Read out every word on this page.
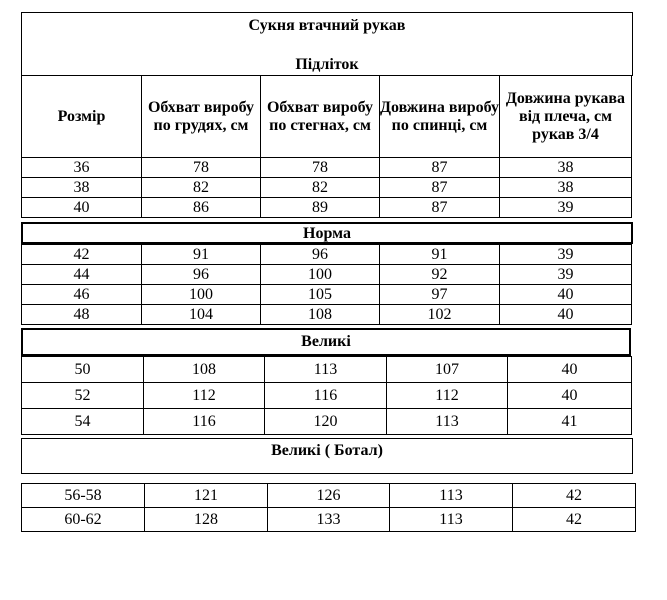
Сукня втачний рукав
Підліток
Розмір	Обхват виробу по грудях, см	Обхват виробу по стегнах, см	Довжина виробу по спинці, см	Довжина рукава від плеча, см рукав 3/4
36	78	78	87	38
38	82	82	87	38
40	86	89	87	39
Норма
42	91	96	91	39
44	96	100	92	39
46	100	105	97	40
48	104	108	102	40
Великі
50	108	113	107	40
52	112	116	112	40
54	116	120	113	41
Великі ( Ботал)
56-58	121	126	113	42
60-62	128	133	113	42
